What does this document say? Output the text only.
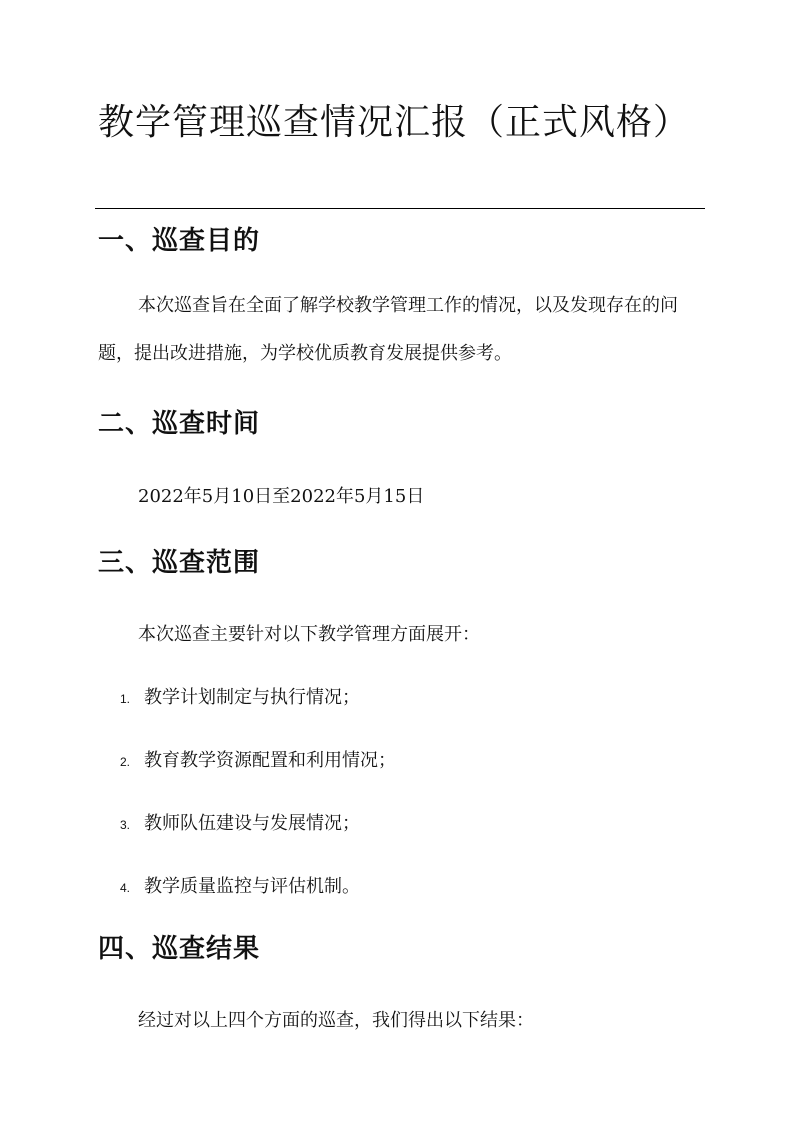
教学管理巡查情况汇报（正式风格）
一、巡查目的

本次巡查旨在全面了解学校教学管理工作的情况，以及发现存在的问题，提出改进措施，为学校优质教育发展提供参考。

二、巡查时间

2022年5月10日至2022年5月15日

三、巡查范围

本次巡查主要针对以下教学管理方面展开：

1. 教学计划制定与执行情况；
2. 教育教学资源配置和利用情况；
3. 教师队伍建设与发展情况；
4. 教学质量监控与评估机制。
四、巡查结果

经过对以上四个方面的巡查，我们得出以下结果：
